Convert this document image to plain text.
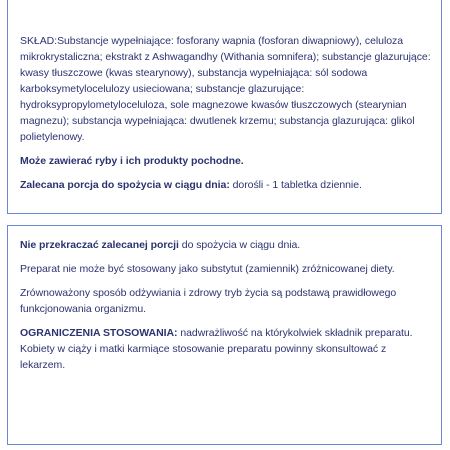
SKŁAD:Substancje wypełniające: fosforany wapnia (fosforan diwapniowy), celuloza mikrokrystaliczna; ekstrakt z Ashwagandhy (Withania somnifera); substancje glazurujące: kwasy tłuszczowe (kwas stearynowy), substancja wypełniająca: sól sodowa karboksymetylocelulozy usieciowana; substancje glazurujące: hydroksypropylometyloceluloza, sole magnezowe kwasów tłuszczowych (stearynian magnezu); substancja wypełniająca: dwutlenek krzemu; substancja glazurująca: glikol polietylenowy.

Może zawierać ryby i ich produkty pochodne.

Zalecana porcja do spożycia w ciągu dnia: dorośli - 1 tabletka dziennie.

Nie przekraczać zalecanej porcji do spożycia w ciągu dnia.

Preparat nie może być stosowany jako substytut (zamiennik) zróżnicowanej diety.

Zrównoważony sposób odżywiania i zdrowy tryb życia są podstawą prawidłowego funkcjonowania organizmu.

OGRANICZENIA STOSOWANIA: nadwrażliwość na którykolwiek składnik preparatu. Kobiety w ciąży i matki karmiące stosowanie preparatu powinny skonsultować z lekarzem.
